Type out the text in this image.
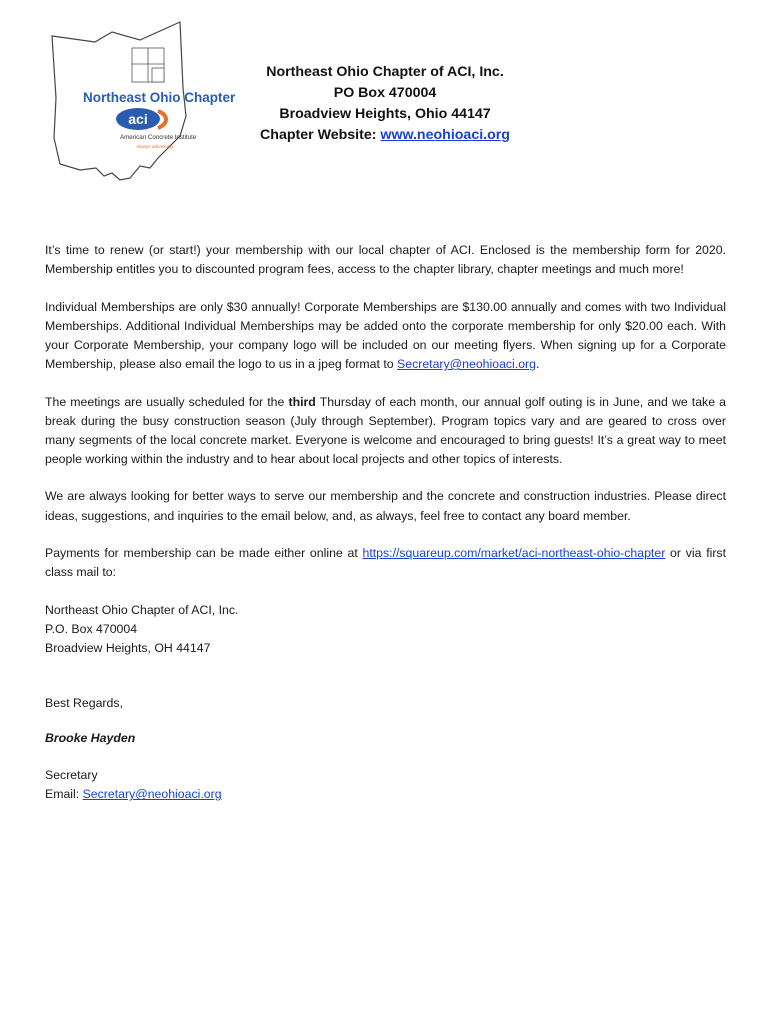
Northeast Ohio Chapter
aci
American Concrete Institute
Always advancing
Northeast Ohio Chapter of ACI, Inc.
PO Box 470004
Broadview Heights, Ohio 44147
Chapter Website: www.neohioaci.org

It’s time to renew (or start!) your membership with our local chapter of ACI. Enclosed is the membership form for 2020. Membership entitles you to discounted program fees, access to the chapter library, chapter meetings and much more!

Individual Memberships are only $30 annually! Corporate Memberships are $130.00 annually and comes with two Individual Memberships. Additional Individual Memberships may be added onto the corporate membership for only $20.00 each. With your Corporate Membership, your company logo will be included on our meeting flyers. When signing up for a Corporate Membership, please also email the logo to us in a jpeg format to Secretary@neohioaci.org.

The meetings are usually scheduled for the third Thursday of each month, our annual golf outing is in June, and we take a break during the busy construction season (July through September). Program topics vary and are geared to cross over many segments of the local concrete market. Everyone is welcome and encouraged to bring guests! It’s a great way to meet people working within the industry and to hear about local projects and other topics of interests.

We are always looking for better ways to serve our membership and the concrete and construction industries. Please direct ideas, suggestions, and inquiries to the email below, and, as always, feel free to contact any board member.

Payments for membership can be made either online at https://squareup.com/market/aci-northeast-ohio-chapter or via first class mail to:

Northeast Ohio Chapter of ACI, Inc.
P.O. Box 470004
Broadview Heights, OH 44147

Best Regards,

Brooke Hayden

Secretary
Email: Secretary@neohioaci.org
